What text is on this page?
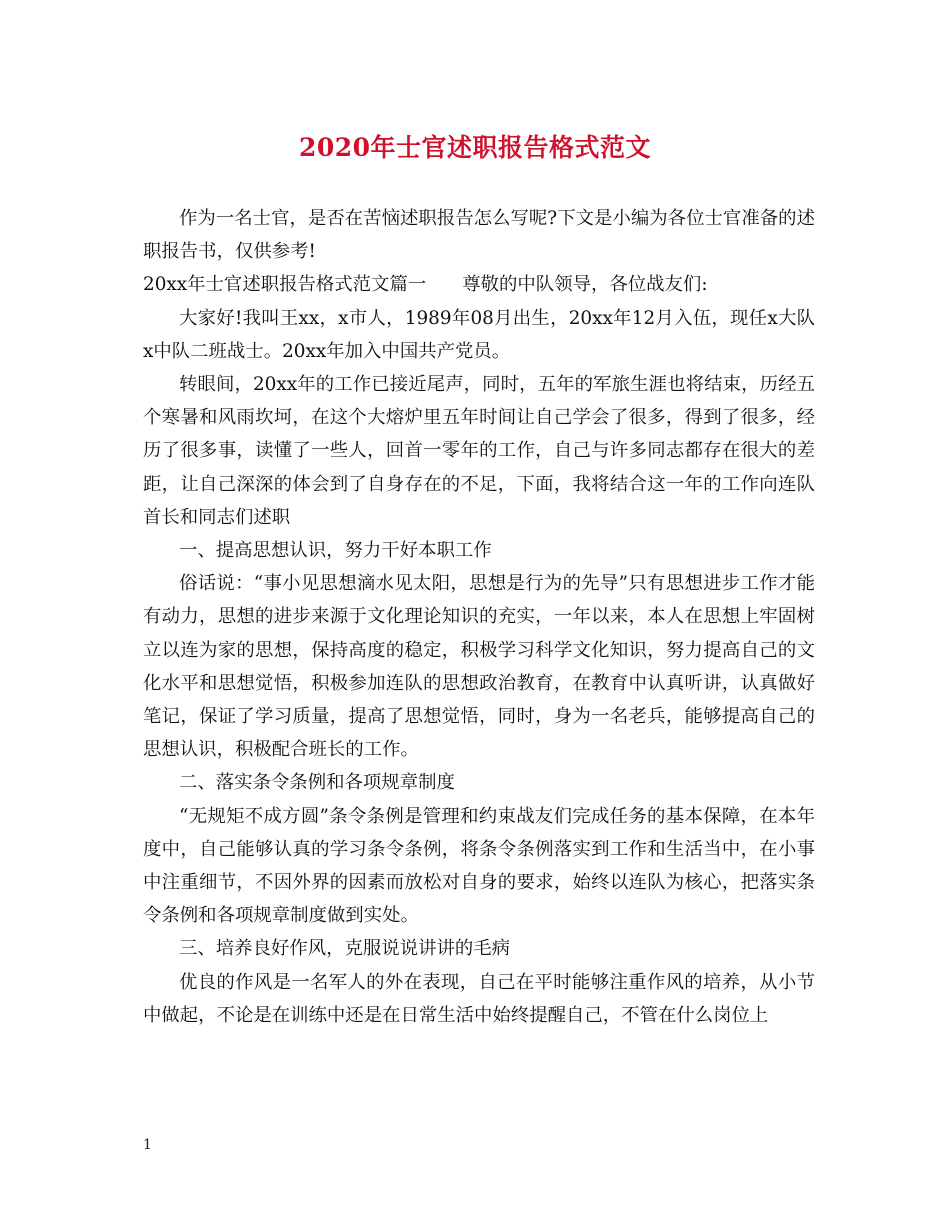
2020年士官述职报告格式范文

作为一名士官，是否在苦恼述职报告怎么写呢?下文是小编为各位士官准备的述职报告书，仅供参考!

20xx年士官述职报告格式范文篇一 尊敬的中队领导，各位战友们:

大家好!我叫王xx，x市人，1989年08月出生，20xx年12月入伍，现任x大队x中队二班战士。20xx年加入中国共产党员。

转眼间，20xx年的工作已接近尾声，同时，五年的军旅生涯也将结束，历经五个寒暑和风雨坎坷，在这个大熔炉里五年时间让自己学会了很多，得到了很多，经历了很多事，读懂了一些人，回首一零年的工作，自己与许多同志都存在很大的差距，让自己深深的体会到了自身存在的不足，下面，我将结合这一年的工作向连队首长和同志们述职

一、提高思想认识，努力干好本职工作

俗话说：“事小见思想滴水见太阳，思想是行为的先导”只有思想进步工作才能有动力，思想的进步来源于文化理论知识的充实，一年以来，本人在思想上牢固树立以连为家的思想，保持高度的稳定，积极学习科学文化知识，努力提高自己的文化水平和思想觉悟，积极参加连队的思想政治教育，在教育中认真听讲，认真做好笔记，保证了学习质量，提高了思想觉悟，同时，身为一名老兵，能够提高自己的思想认识，积极配合班长的工作。

二、落实条令条例和各项规章制度

“无规矩不成方圆”条令条例是管理和约束战友们完成任务的基本保障，在本年度中，自己能够认真的学习条令条例，将条令条例落实到工作和生活当中，在小事中注重细节，不因外界的因素而放松对自身的要求，始终以连队为核心，把落实条令条例和各项规章制度做到实处。

三、培养良好作风，克服说说讲讲的毛病

优良的作风是一名军人的外在表现，自己在平时能够注重作风的培养，从小节中做起，不论是在训练中还是在日常生活中始终提醒自己，不管在什么岗位上

1
